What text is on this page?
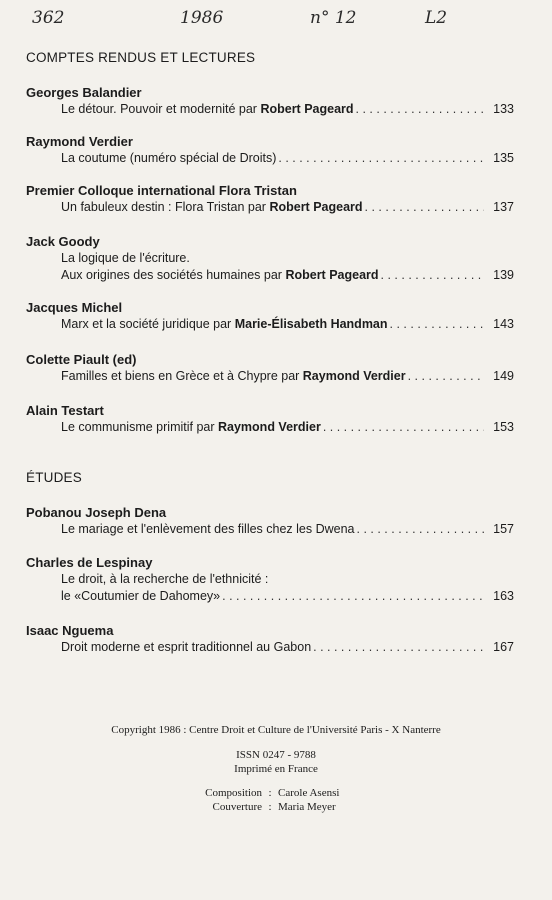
362	1986	n° 12	L2
COMPTES RENDUS ET LECTURES
Georges Balandier
Le détour. Pouvoir et modernité par Robert Pageard . . .	133
Raymond Verdier
La coutume (numéro spécial de Droits) . . .	135
Premier Colloque international Flora Tristan
Un fabuleux destin : Flora Tristan par Robert Pageard . . .	137
Jack Goody
La logique de l'écriture.
Aux origines des sociétés humaines par Robert Pageard . . .	139
Jacques Michel
Marx et la société juridique par Marie-Élisabeth Handman . . .	143
Colette Piault (ed)
Familles et biens en Grèce et à Chypre par Raymond Verdier . . .	149
Alain Testart
Le communisme primitif par Raymond Verdier . . .	153
ÉTUDES
Pobanou Joseph Dena
Le mariage et l'enlèvement des filles chez les Dwena . . .	157
Charles de Lespinay
Le droit, à la recherche de l'ethnicité :
le «Coutumier de Dahomey» . . .	163
Isaac Nguema
Droit moderne et esprit traditionnel au Gabon . . .	167
Copyright 1986 : Centre Droit et Culture de l'Université Paris - X Nanterre
ISSN 0247 - 9788
Imprimé en France
Composition : Carole Asensi
Couverture : Maria Meyer
